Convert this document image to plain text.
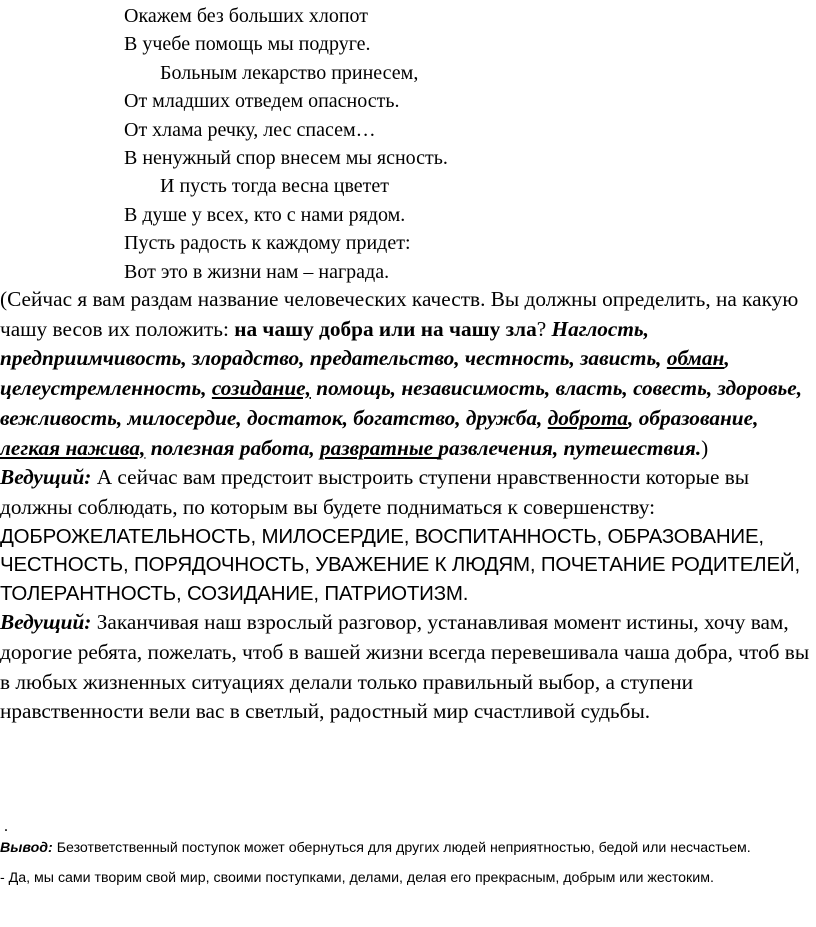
Окажем без больших хлопот
В учебе помощь мы подруге.
Больным лекарство принесем,
От младших отведем опасность.
От хлама речку, лес спасем…
В ненужный спор внесем мы ясность.
И пусть тогда весна цветет
В душе у всех, кто с нами рядом.
Пусть радость к каждому придет:
Вот это в жизни нам – награда.

(Сейчас я вам раздам название человеческих качеств. Вы должны определить, на какую чашу весов их положить: на чашу добра или на чашу зла? Наглость, предприимчивость, злорадство, предательство, честность, зависть, обман, целеустремленность, созидание, помощь, независимость, власть, совесть, здоровье, вежливость, милосердие, достаток, богатство, дружба, доброта, образование, легкая нажива, полезная работа, развратные развлечения, путешествия.)

Ведущий: А сейчас вам предстоит выстроить ступени нравственности которые вы должны соблюдать, по которым вы будете подниматься к совершенству:

ДОБРОЖЕЛАТЕЛЬНОСТЬ, МИЛОСЕРДИЕ, ВОСПИТАННОСТЬ, ОБРАЗОВАНИЕ, ЧЕСТНОСТЬ, ПОРЯДОЧНОСТЬ, УВАЖЕНИЕ К ЛЮДЯМ, ПОЧЕТАНИЕ РОДИТЕЛЕЙ, ТОЛЕРАНТНОСТЬ, СОЗИДАНИЕ, ПАТРИОТИЗМ.

Ведущий: Заканчивая наш взрослый разговор, устанавливая момент истины, хочу вам, дорогие ребята, пожелать, чтоб в вашей жизни всегда перевешивала чаша добра, чтоб вы в любых жизненных ситуациях делали только правильный выбор, а ступени нравственности вели вас в светлый, радостный мир счастливой судьбы.

.
Вывод: Безответственный поступок может обернуться для других людей неприятностью, бедой или несчастьем.
- Да, мы сами творим свой мир, своими поступками, делами, делая его прекрасным, добрым или жестоким.
